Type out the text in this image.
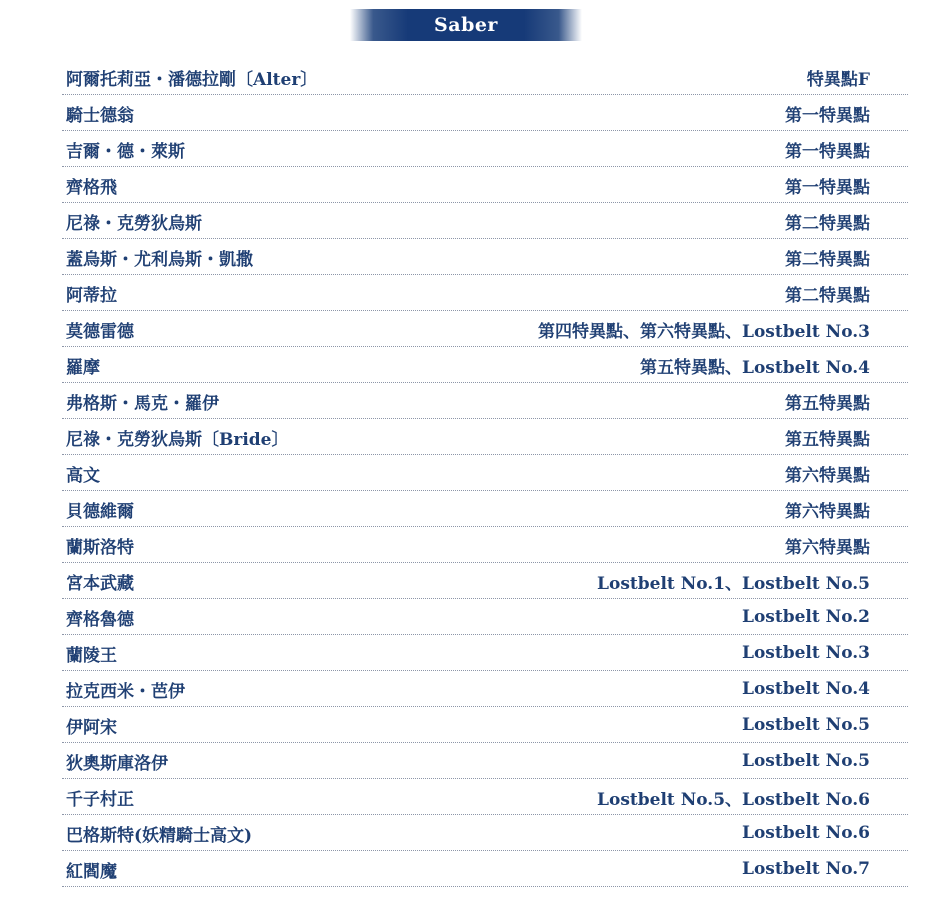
Saber
阿爾托莉亞・潘德拉剛〔Alter〕	特異點F
騎士德翁	第一特異點
吉爾・德・萊斯	第一特異點
齊格飛	第一特異點
尼祿・克勞狄烏斯	第二特異點
蓋烏斯・尤利烏斯・凱撒	第二特異點
阿蒂拉	第二特異點
莫德雷德	第四特異點、第六特異點、Lostbelt No.3
羅摩	第五特異點、Lostbelt No.4
弗格斯・馬克・羅伊	第五特異點
尼祿・克勞狄烏斯〔Bride〕	第五特異點
高文	第六特異點
貝德維爾	第六特異點
蘭斯洛特	第六特異點
宮本武藏	Lostbelt No.1、Lostbelt No.5
齊格魯德	Lostbelt No.2
蘭陵王	Lostbelt No.3
拉克西米・芭伊	Lostbelt No.4
伊阿宋	Lostbelt No.5
狄奧斯庫洛伊	Lostbelt No.5
千子村正	Lostbelt No.5、Lostbelt No.6
巴格斯特(妖精騎士高文)	Lostbelt No.6
紅閻魔	Lostbelt No.7
